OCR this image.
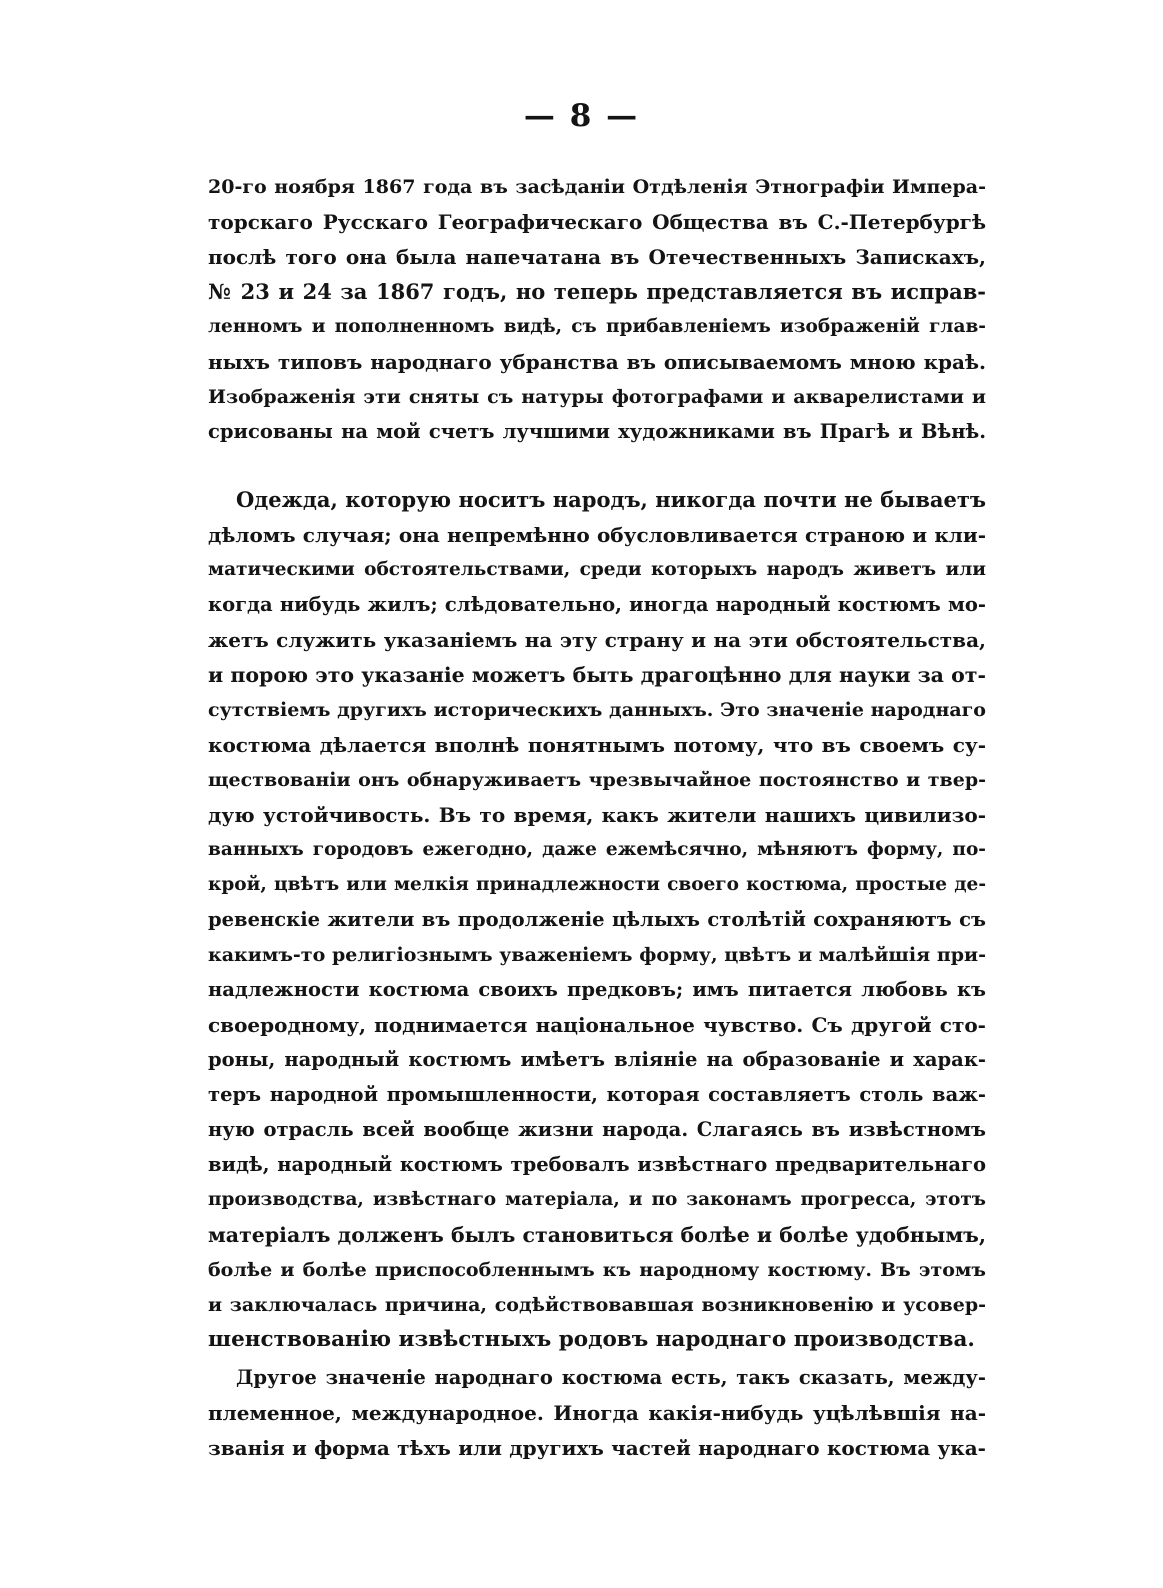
— 8 —
20-го ноября 1867 года въ засѣданіи Отдѣленія Этнографіи Импера-
торскаго Русскаго Географическаго Общества въ С.-Петербургѣ
послѣ того она была напечатана въ Отечественныхъ Запискахъ,
№ 23 и 24 за 1867 годъ, но теперь представляется въ исправ-
ленномъ и пополненномъ видѣ, съ прибавленіемъ изображеній глав-
ныхъ типовъ народнаго убранства въ описываемомъ мною краѣ.
Изображенія эти сняты съ натуры фотографами и акварелистами и
срисованы на мой счетъ лучшими художниками въ Прагѣ и Вѣнѣ.
Одежда, которую носитъ народъ, никогда почти не бываетъ
дѣломъ случая; она непремѣнно обусловливается страною и кли-
матическими обстоятельствами, среди которыхъ народъ живетъ или
когда нибудь жилъ; слѣдовательно, иногда народный костюмъ мо-
жетъ служить указаніемъ на эту страну и на эти обстоятельства,
и порою это указаніе можетъ быть драгоцѣнно для науки за от-
сутствіемъ другихъ историческихъ данныхъ. Это значеніе народнаго
костюма дѣлается вполнѣ понятнымъ потому, что въ своемъ су-
ществованіи онъ обнаруживаетъ чрезвычайное постоянство и твер-
дую устойчивость. Въ то время, какъ жители нашихъ цивилизо-
ванныхъ городовъ ежегодно, даже ежемѣсячно, мѣняютъ форму, по-
крой, цвѣтъ или мелкія принадлежности своего костюма, простые де-
ревенскіе жители въ продолженіе цѣлыхъ столѣтій сохраняютъ съ
какимъ-то религіознымъ уваженіемъ форму, цвѣтъ и малѣйшія при-
надлежности костюма своихъ предковъ; имъ питается любовь къ
своеродному, поднимается національное чувство. Съ другой сто-
роны, народный костюмъ имѣетъ вліяніе на образованіе и харак-
теръ народной промышленности, которая составляетъ столь важ-
ную отрасль всей вообще жизни народа. Слагаясь въ извѣстномъ
видѣ, народный костюмъ требовалъ извѣстнаго предварительнаго
производства, извѣстнаго матеріала, и по законамъ прогресса, этотъ
матеріалъ долженъ былъ становиться болѣе и болѣе удобнымъ,
болѣе и болѣе приспособленнымъ къ народному костюму. Въ этомъ
и заключалась причина, содѣйствовавшая возникновенію и усовер-
шенствованію извѣстныхъ родовъ народнаго производства.
Другое значеніе народнаго костюма есть, такъ сказать, между-
племенное, международное. Иногда какія-нибудь уцѣлѣвшія на-
званія и форма тѣхъ или другихъ частей народнаго костюма ука-
